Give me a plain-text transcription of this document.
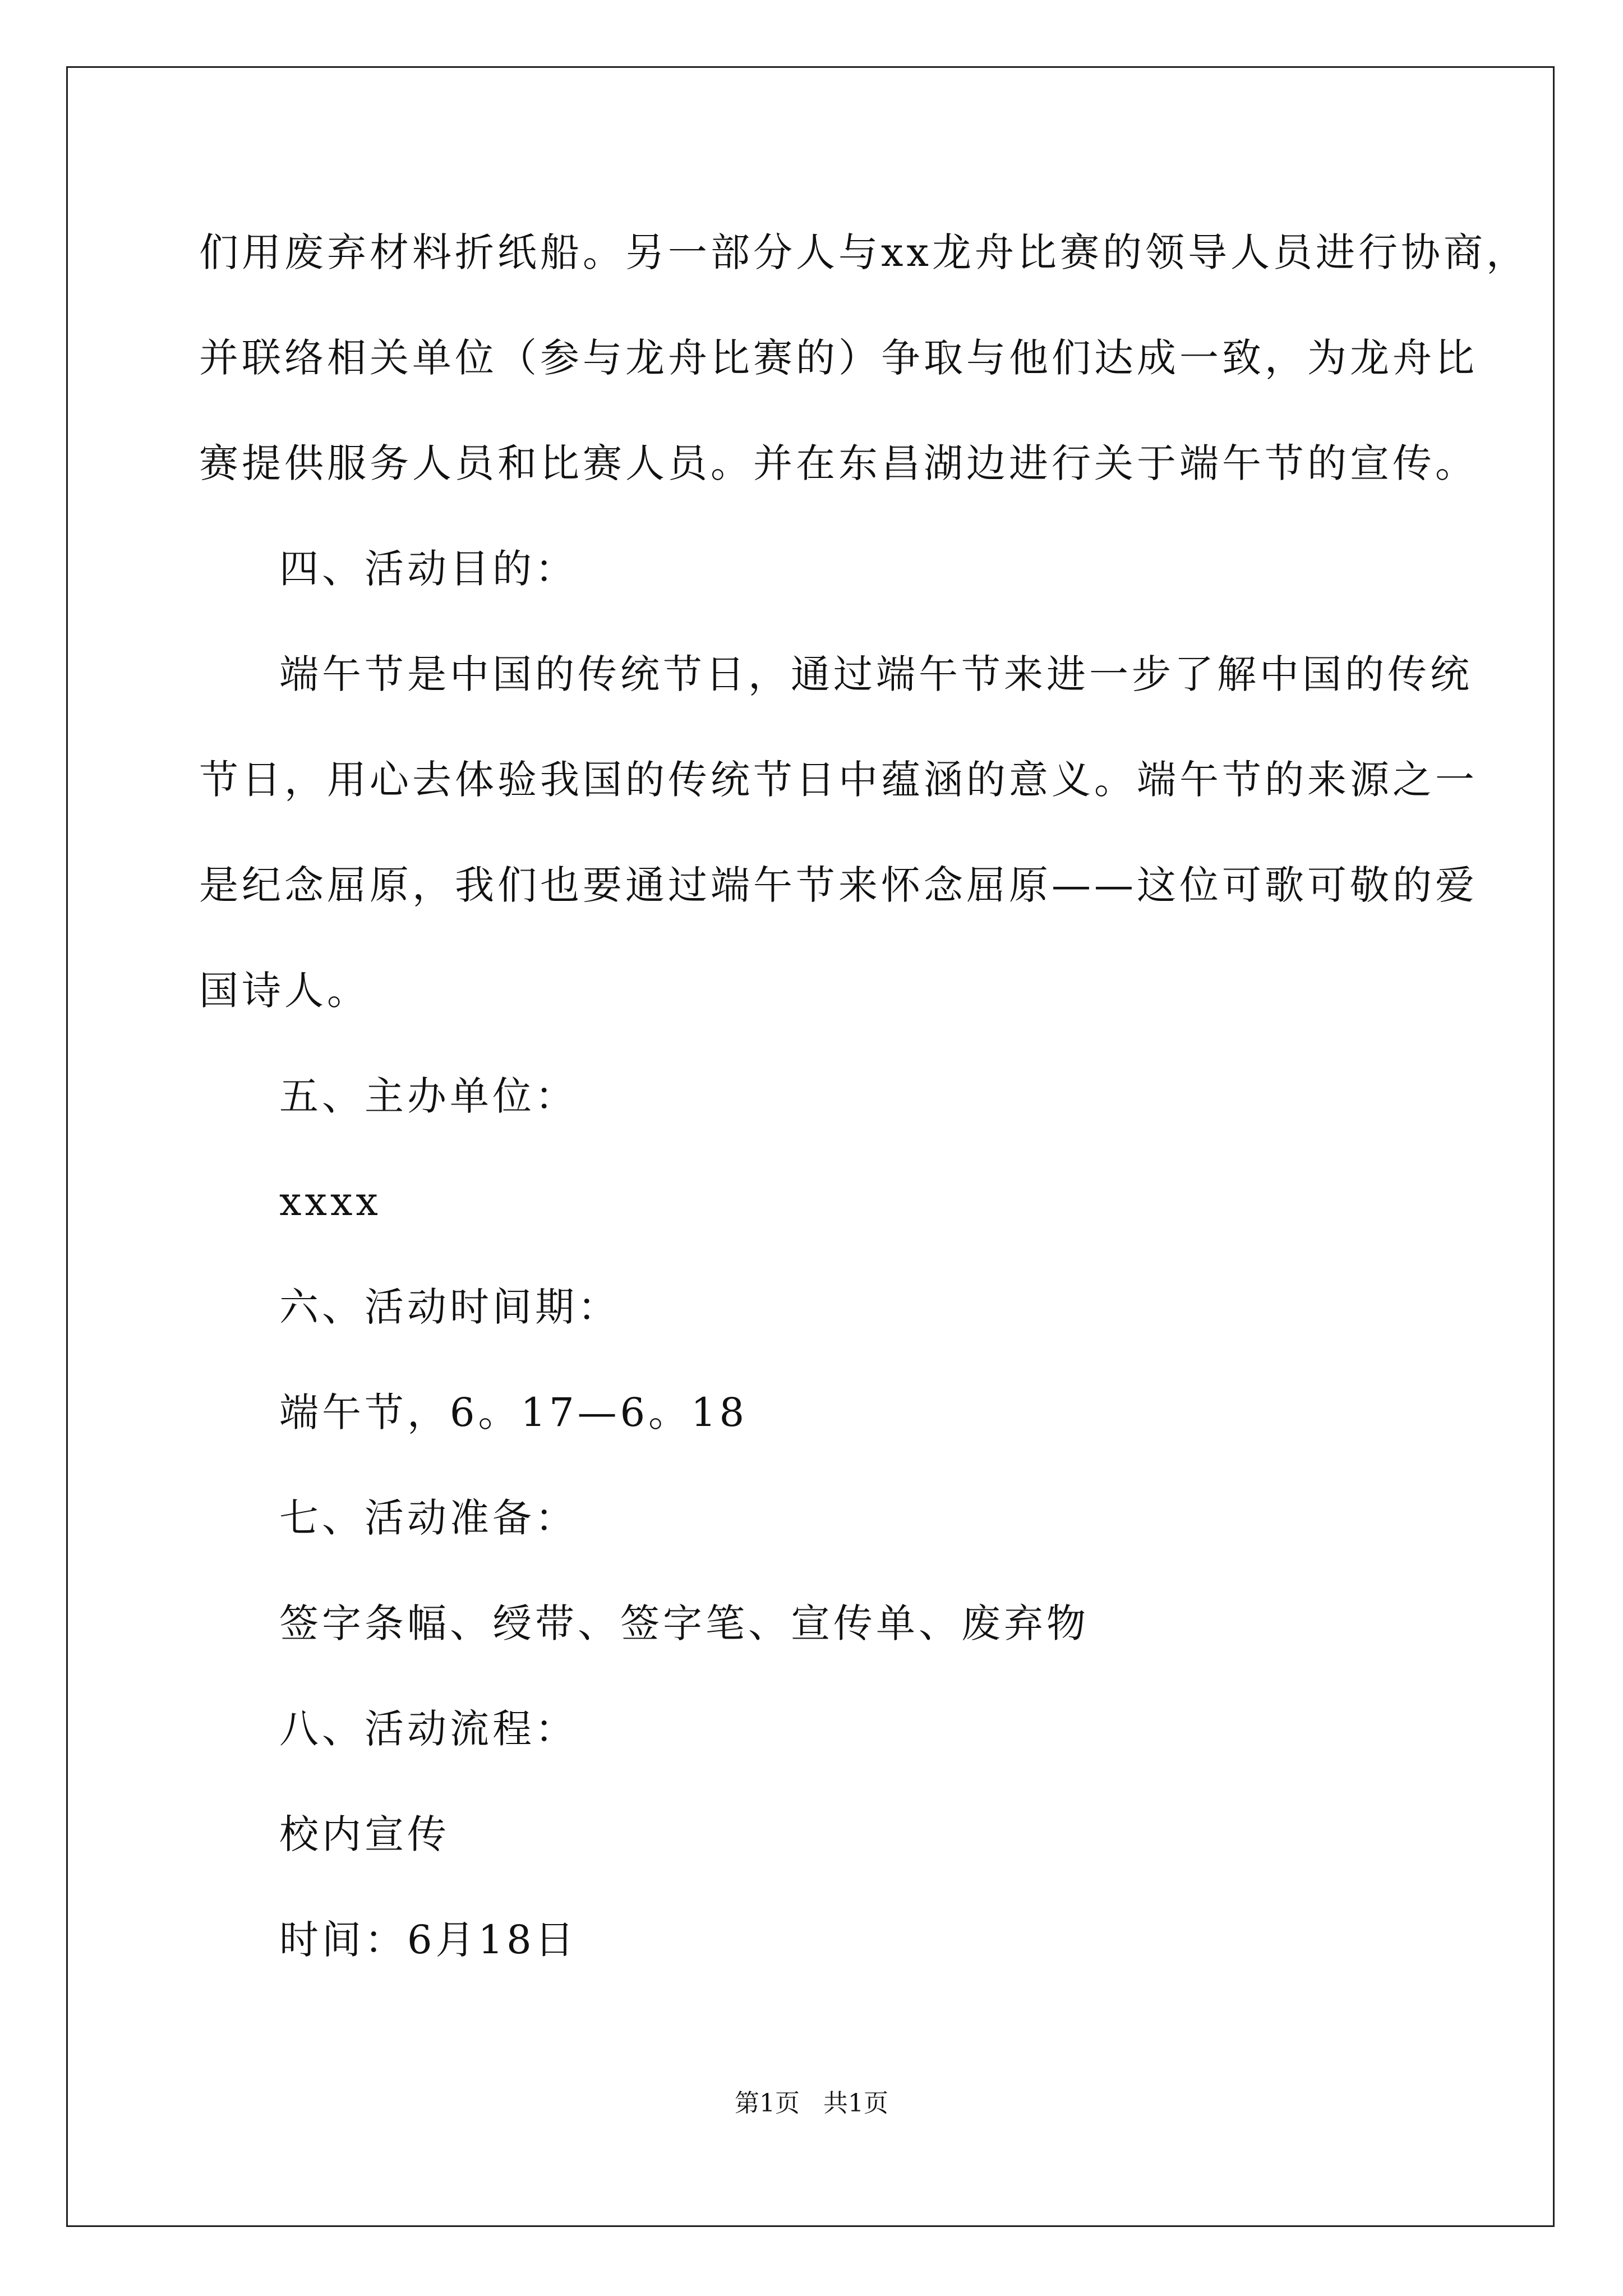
们用废弃材料折纸船。另一部分人与xx龙舟比赛的领导人员进行协商，
并联络相关单位（参与龙舟比赛的）争取与他们达成一致，为龙舟比
赛提供服务人员和比赛人员。并在东昌湖边进行关于端午节的宣传。
四、活动目的：
端午节是中国的传统节日，通过端午节来进一步了解中国的传统
节日，用心去体验我国的传统节日中蕴涵的意义。端午节的来源之一
是纪念屈原，我们也要通过端午节来怀念屈原——这位可歌可敬的爱
国诗人。
五、主办单位：
xxxx
六、活动时间期：
端午节，6。17—6。18
七、活动准备：
签字条幅、绶带、签字笔、宣传单、废弃物
八、活动流程：
校内宣传
时间：6月18日
第1页   共1页
